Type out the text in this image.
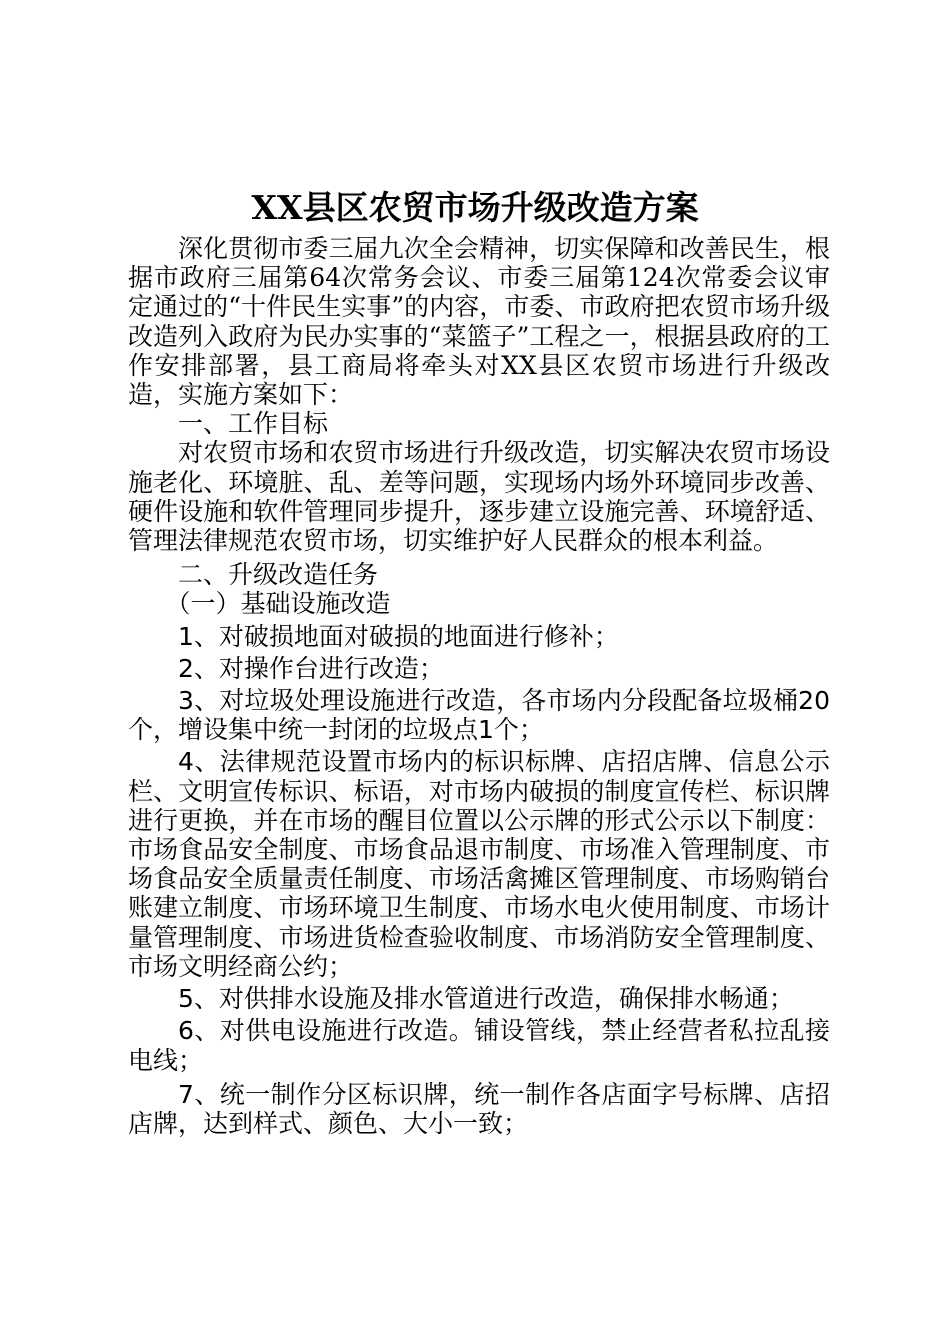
XX县区农贸市场升级改造方案

深化贯彻市委三届九次全会精神，切实保障和改善民生，根据市政府三届第64次常务会议、市委三届第124次常委会议审定通过的“十件民生实事”的内容，市委、市政府把农贸市场升级改造列入政府为民办实事的“菜篮子”工程之一，根据县政府的工作安排部署，县工商局将牵头对XX县区农贸市场进行升级改造，实施方案如下：

一、工作目标

对农贸市场和农贸市场进行升级改造，切实解决农贸市场设施老化、环境脏、乱、差等问题，实现场内场外环境同步改善、硬件设施和软件管理同步提升，逐步建立设施完善、环境舒适、管理法律规范农贸市场，切实维护好人民群众的根本利益。

二、升级改造任务

（一）基础设施改造

1、对破损地面对破损的地面进行修补；

2、对操作台进行改造；

3、对垃圾处理设施进行改造，各市场内分段配备垃圾桶20个，增设集中统一封闭的垃圾点1个；

4、法律规范设置市场内的标识标牌、店招店牌、信息公示栏、文明宣传标识、标语，对市场内破损的制度宣传栏、标识牌进行更换，并在市场的醒目位置以公示牌的形式公示以下制度：市场食品安全制度、市场食品退市制度、市场准入管理制度、市场食品安全质量责任制度、市场活禽摊区管理制度、市场购销台账建立制度、市场环境卫生制度、市场水电火使用制度、市场计量管理制度、市场进货检查验收制度、市场消防安全管理制度、市场文明经商公约；

5、对供排水设施及排水管道进行改造，确保排水畅通；

6、对供电设施进行改造。铺设管线，禁止经营者私拉乱接电线；

7、统一制作分区标识牌，统一制作各店面字号标牌、店招店牌，达到样式、颜色、大小一致；
